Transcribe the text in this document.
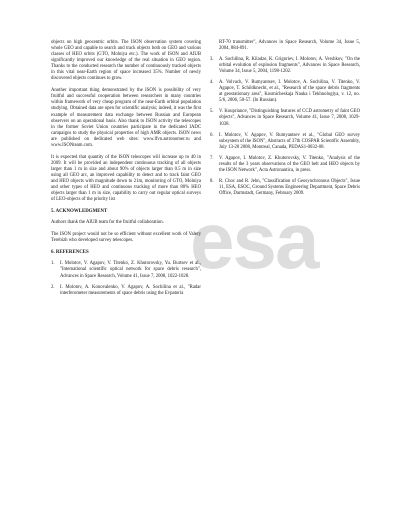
objects on high geocentric orbits. The ISON observation system covering whole GEO and capable to search and track objects both on GEO and various classes of HEO orbits (GTO, Molniya etc.). The work of ISON and AIUB significantly improved our knowledge of the real situation in GEO region. Thanks to the conducted research the number of continuously tracked objects in this vital near-Earth region of space increased 35%. Number of newly discovered objects continues to grow.

Another important thing demonstrated by the ISON is possibility of very fruitful and successful cooperation between researchers in many countries within framework of very cheap program of the near-Earth orbital population studying. Obtained data are open for scientific analysis; indeed, it was the first example of measurement data exchange between Russian and European observers on an operational basis. Also thank to ISON activity the telescopes in the former Soviet Union countries participate in the dedicated IADC campaigns to study the physical properties of high AMR objects. ISON news are published on dedicated web sites: www.lfvn.astronomer.ru and www.ISONteam.com.

It is expected that quantity of the ISON telescopes will increase up to 40 in 2009. It will be provided an independent continuous tracking of all objects larger than 1 m in size and about 90% of objects larger than 0.5 m in size using all GEO arc, an improved capability to detect and to track faint GEO and HEO objects with magnitude down to 21m, monitoring of GTO, Molniya and other types of HEO and continuous tracking of more than 80% HEO objects larger than 1 m in size, capability to carry out regular optical surveys of LEO-objects of the priority list

5. ACKNOWLEDGMENT

Authors thank the AIUB team for the fruitful collaboration.

The ISON project would not be so efficient without excellent work of Valery Terebizh who developed survey telescopes.

6. REFERENCES
1.	I. Molotov, V. Agapov, V. Titenko, Z. Khutorovsky, Yu. Burtsev et al., "International scientific optical network for space debris research", Advances in Space Research, Volume 41, Issue 7, 2008, 1022-1028.
2.	I. Molotov, A. Konovalenko, V. Agapov, A. Sochilina et al., "Radar interferometer measurements of space debris using the Evpatoria
RT-70 transmitter", Advances in Space Research, Volume 34, Issue 5, 2004, 884-891.
3.	A. Sochilina, R. Kiladze, K. Grigoriev, I. Molotov, A. Vershkov, "On the orbital evolution of explosion fragments", Advances in Space Research, Volume 34, Issue 5, 2004, 1198-1202.
4.	A. Volvach, V. Rumyantsev, I. Molotov, A. Sochilina, V. Titenko, V. Agapov, T. Schildknecht, et al., "Research of the space debris fragments at geostationary area", Kosmicheskaja Nauka i Tekhnologiya, v. 12, no. 5/6, 2006, 50-57. (In Russian).
5.	V. Kouprianov, "Distinguishing features of CCD astrometry of faint GEO objects", Advances in Space Research, Volume 41, Issue 7, 2008, 1029-1038.
6.	I. Molotov, V. Agapov, V. Rumyantsev et al., "Global GEO survey subsystem of the ISON", Abstracts of 37th COSPAR Scientific Assembly, July 13-20 2008, Montreal, Canada, PEDAS1-0032-08.
7.	V. Agapov, I. Molotov, Z. Khutorovsky, V. Titenko, "Analysis of the results of the 3 years observations of the GEO belt and HEO objects by the ISON Network", Acta Astronautica, in press.
8.	R. Choc and R. Jehn, "Classification of Geosynchronous Objects", Issue 11, ESA, ESOC, Ground Systems Engineering Department, Space Debris Office, Darmstadt, Germany, February 2009.
esa
